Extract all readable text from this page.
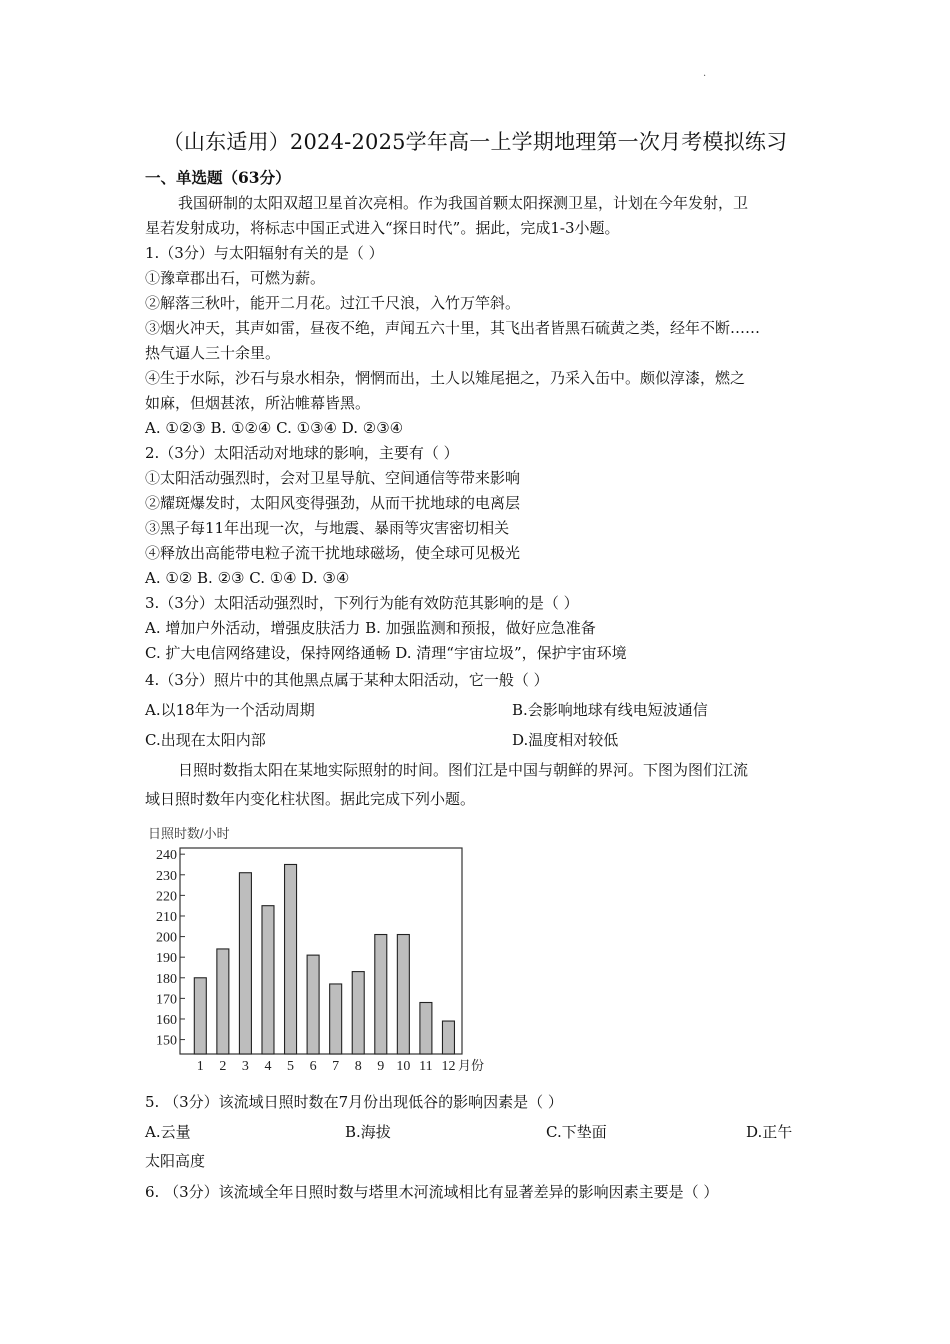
.
（山东适用）2024-2025学年高一上学期地理第一次月考模拟练习
一、单选题（63分）
我国研制的太阳双超卫星首次亮相。作为我国首颗太阳探测卫星，计划在今年发射，卫
星若发射成功，将标志中国正式进入“探日时代”。据此，完成1-3小题。
1.（3分）与太阳辐射有关的是（ ）
①豫章郡出石，可燃为薪。
②解落三秋叶，能开二月花。过江千尺浪，入竹万竿斜。
③烟火冲天，其声如雷，昼夜不绝，声闻五六十里，其飞出者皆黑石硫黄之类，经年不断……
热气逼人三十余里。
④生于水际，沙石与泉水相杂，惘惘而出，土人以雉尾挹之，乃采入缶中。颇似淳漆，燃之
如麻，但烟甚浓，所沾帷幕皆黑。
A. ①②③ B. ①②④ C. ①③④ D. ②③④
2.（3分）太阳活动对地球的影响，主要有（ ）
①太阳活动强烈时，会对卫星导航、空间通信等带来影响
②耀斑爆发时，太阳风变得强劲，从而干扰地球的电离层
③黑子每11年出现一次，与地震、暴雨等灾害密切相关
④释放出高能带电粒子流干扰地球磁场，使全球可见极光
A. ①② B. ②③ C. ①④ D. ③④
3.（3分）太阳活动强烈时，下列行为能有效防范其影响的是（ ）
A. 增加户外活动，增强皮肤活力 B. 加强监测和预报，做好应急准备
C. 扩大电信网络建设，保持网络通畅 D. 清理“宇宙垃圾”，保护宇宙环境
4.（3分）照片中的其他黑点属于某种太阳活动，它一般（ ）
A.以18年为一个活动周期	B.会影响地球有线电短波通信
C.出现在太阳内部	D.温度相对较低
日照时数指太阳在某地实际照射的时间。图们江是中国与朝鲜的界河。下图为图们江流
域日照时数年内变化柱状图。据此完成下列小题。
日照时数/小时
150
160
170
180
190
200
210
220
230
240
1 2 3 4 5 6 7 8 9 10 11 12 月份
5. （3分）该流域日照时数在7月份出现低谷的影响因素是（ ）
A.云量	B.海拔	C.下垫面	D.正午
太阳高度
6. （3分）该流域全年日照时数与塔里木河流域相比有显著差异的影响因素主要是（ ）
